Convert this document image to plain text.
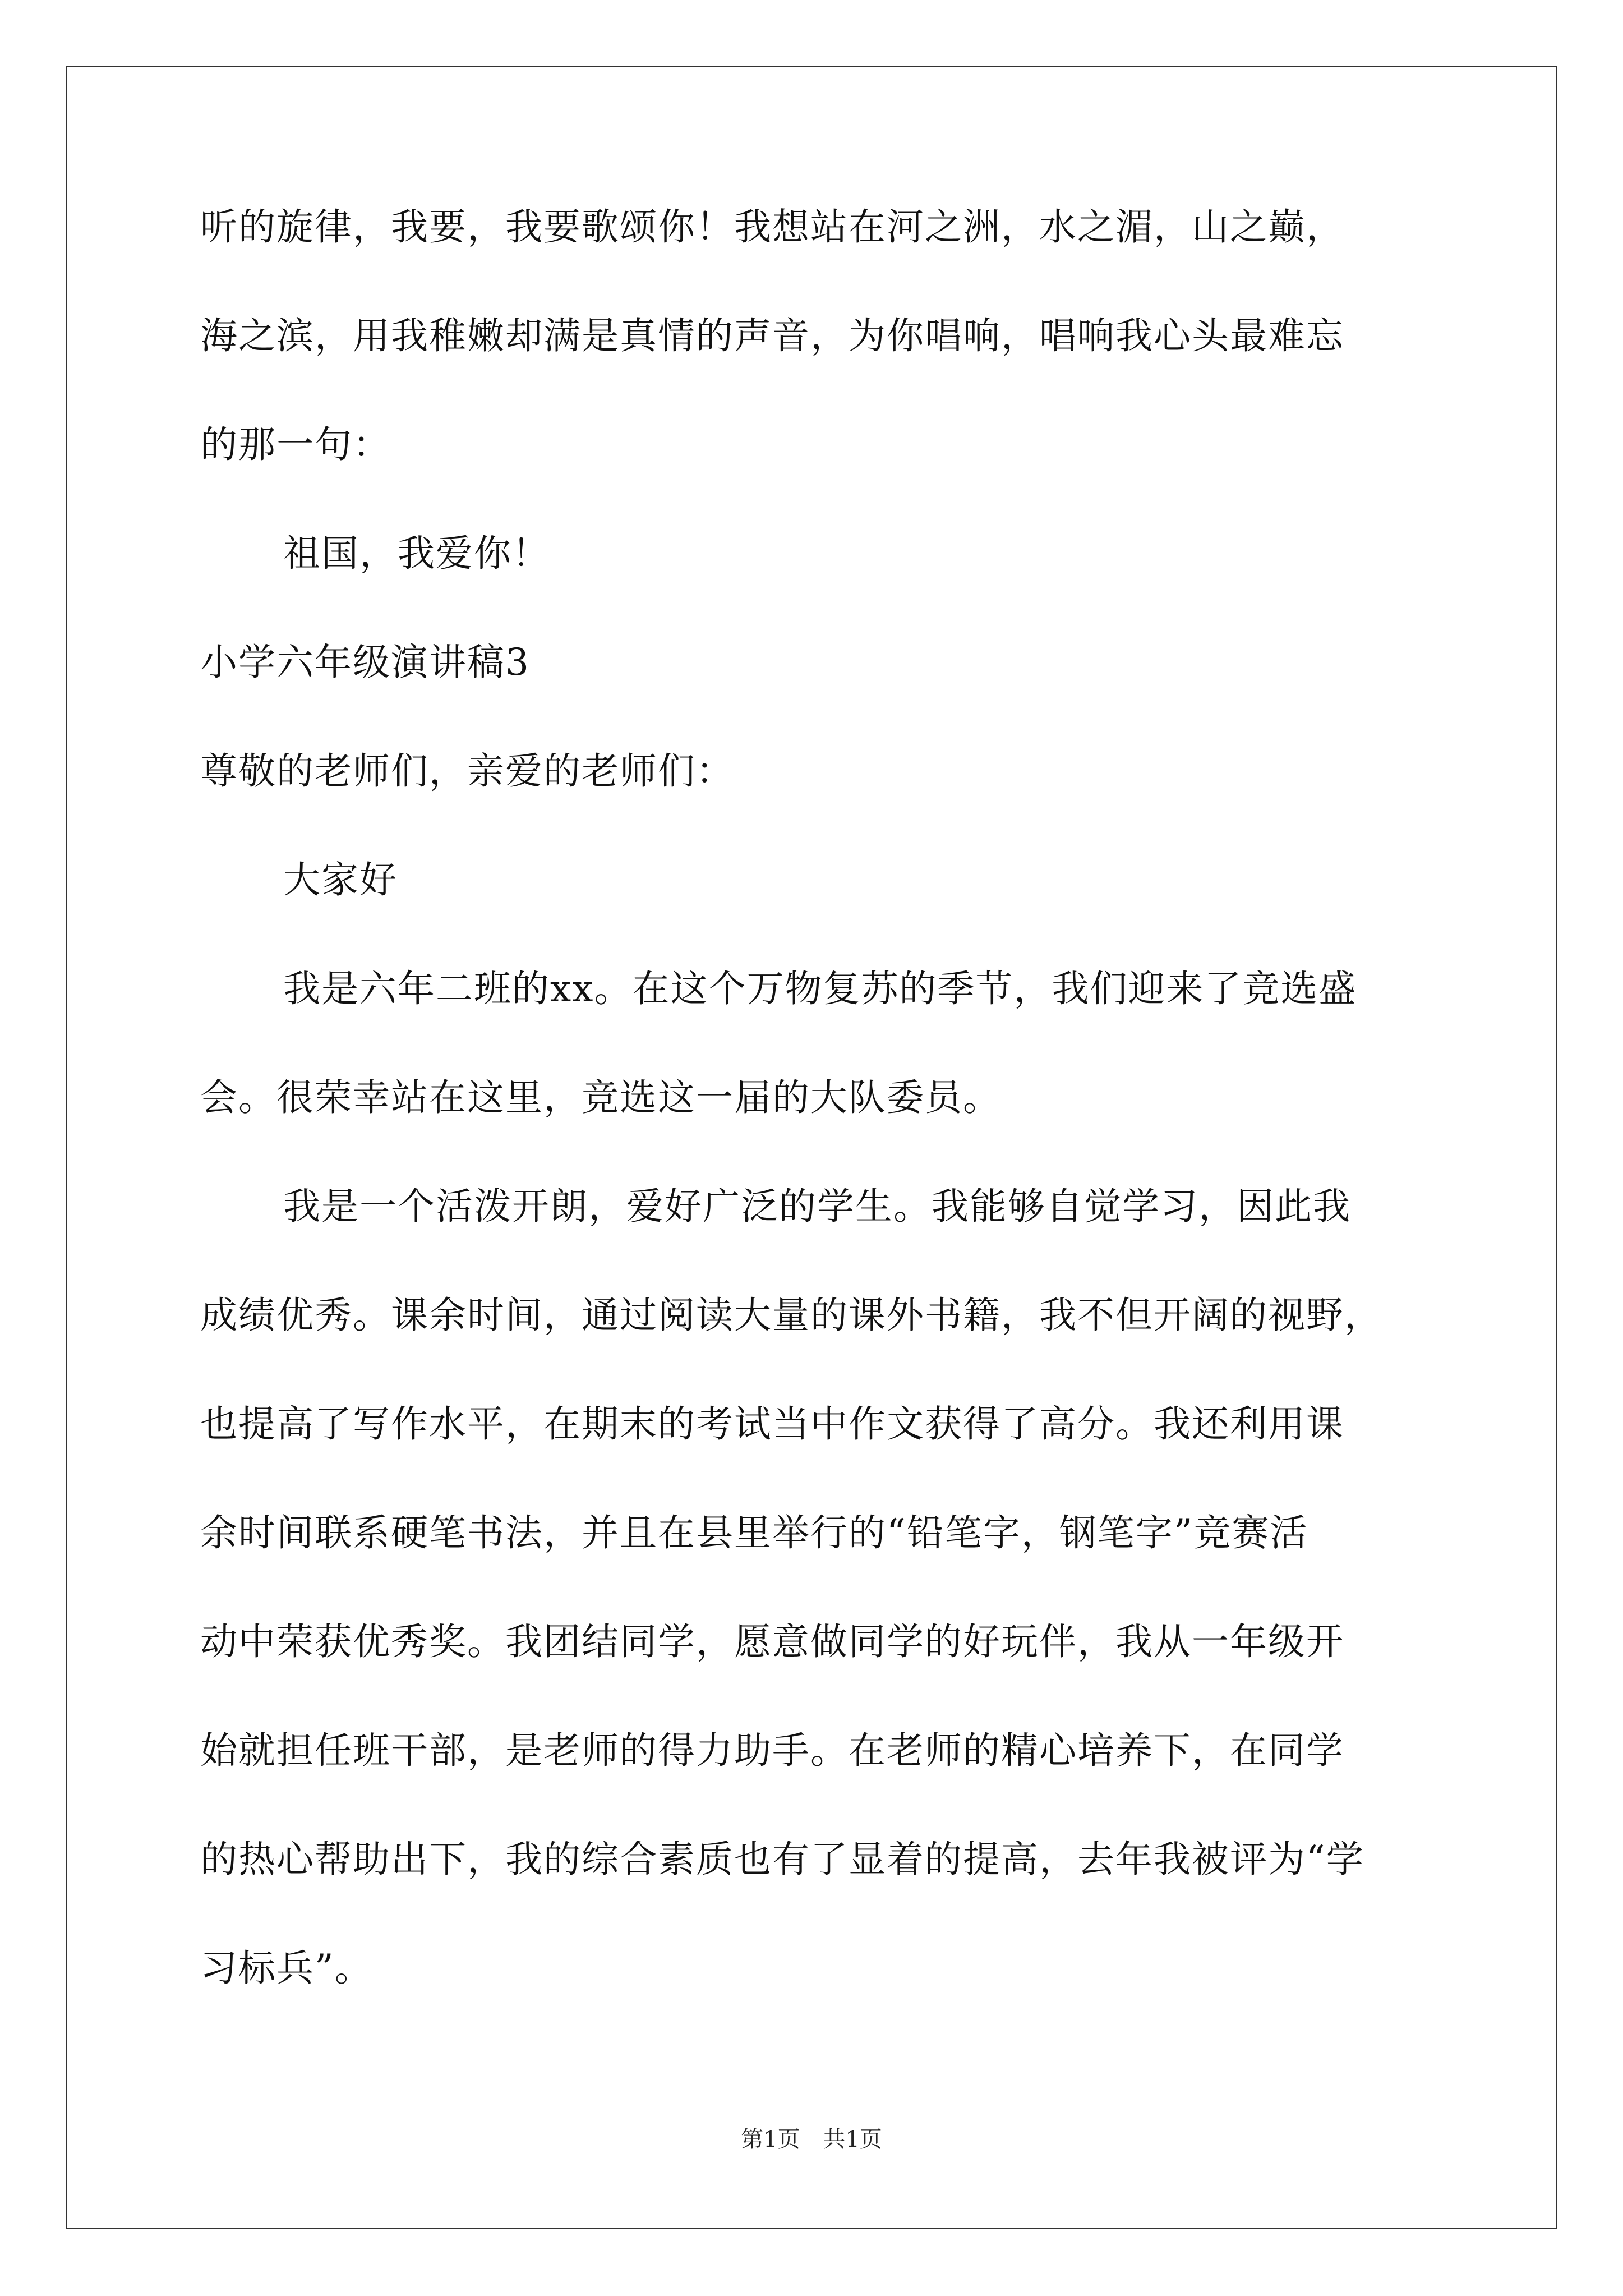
听的旋律，我要，我要歌颂你！我想站在河之洲，水之湄，山之巅，
海之滨，用我稚嫩却满是真情的声音，为你唱响，唱响我心头最难忘
的那一句：
祖国，我爱你！
小学六年级演讲稿3
尊敬的老师们，亲爱的老师们：
大家好
我是六年二班的xx。在这个万物复苏的季节，我们迎来了竞选盛
会。很荣幸站在这里，竞选这一届的大队委员。
我是一个活泼开朗，爱好广泛的学生。我能够自觉学习，因此我
成绩优秀。课余时间，通过阅读大量的课外书籍，我不但开阔的视野，
也提高了写作水平，在期末的考试当中作文获得了高分。我还利用课
余时间联系硬笔书法，并且在县里举行的“铅笔字，钢笔字”竞赛活
动中荣获优秀奖。我团结同学，愿意做同学的好玩伴，我从一年级开
始就担任班干部，是老师的得力助手。在老师的精心培养下，在同学
的热心帮助出下，我的综合素质也有了显着的提高，去年我被评为“学
习标兵”。
第1页 共1页
